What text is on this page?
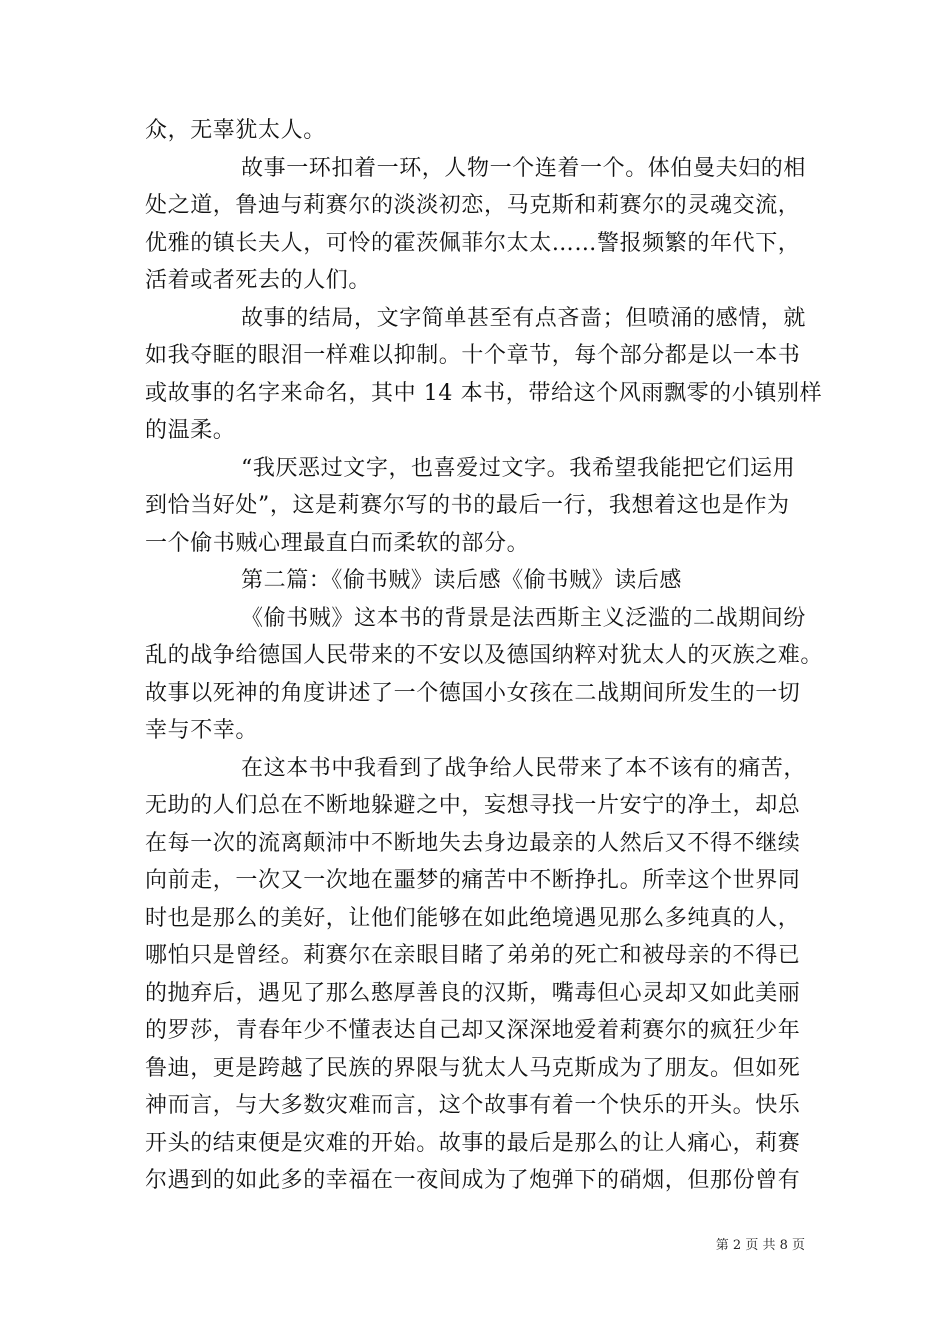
众，无辜犹太人。
故事一环扣着一环，人物一个连着一个。体伯曼夫妇的相
处之道，鲁迪与莉赛尔的淡淡初恋，马克斯和莉赛尔的灵魂交流，
优雅的镇长夫人，可怜的霍茨佩菲尔太太……警报频繁的年代下，
活着或者死去的人们。
故事的结局，文字简单甚至有点吝啬；但喷涌的感情，就
如我夺眶的眼泪一样难以抑制。十个章节，每个部分都是以一本书
或故事的名字来命名，其中 14 本书，带给这个风雨飘零的小镇别样
的温柔。
“我厌恶过文字，也喜爱过文字。我希望我能把它们运用
到恰当好处”，这是莉赛尔写的书的最后一行，我想着这也是作为
一个偷书贼心理最直白而柔软的部分。
第二篇：《偷书贼》读后感《偷书贼》读后感
《偷书贼》这本书的背景是法西斯主义泛滥的二战期间纷
乱的战争给德国人民带来的不安以及德国纳粹对犹太人的灭族之难。
故事以死神的角度讲述了一个德国小女孩在二战期间所发生的一切
幸与不幸。
在这本书中我看到了战争给人民带来了本不该有的痛苦，
无助的人们总在不断地躲避之中，妄想寻找一片安宁的净土，却总
在每一次的流离颠沛中不断地失去身边最亲的人然后又不得不继续
向前走，一次又一次地在噩梦的痛苦中不断挣扎。所幸这个世界同
时也是那么的美好，让他们能够在如此绝境遇见那么多纯真的人，
哪怕只是曾经。莉赛尔在亲眼目睹了弟弟的死亡和被母亲的不得已
的抛弃后，遇见了那么憨厚善良的汉斯，嘴毒但心灵却又如此美丽
的罗莎，青春年少不懂表达自己却又深深地爱着莉赛尔的疯狂少年
鲁迪，更是跨越了民族的界限与犹太人马克斯成为了朋友。但如死
神而言，与大多数灾难而言，这个故事有着一个快乐的开头。快乐
开头的结束便是灾难的开始。故事的最后是那么的让人痛心，莉赛
尔遇到的如此多的幸福在一夜间成为了炮弹下的硝烟，但那份曾有
第 2 页 共 8 页
